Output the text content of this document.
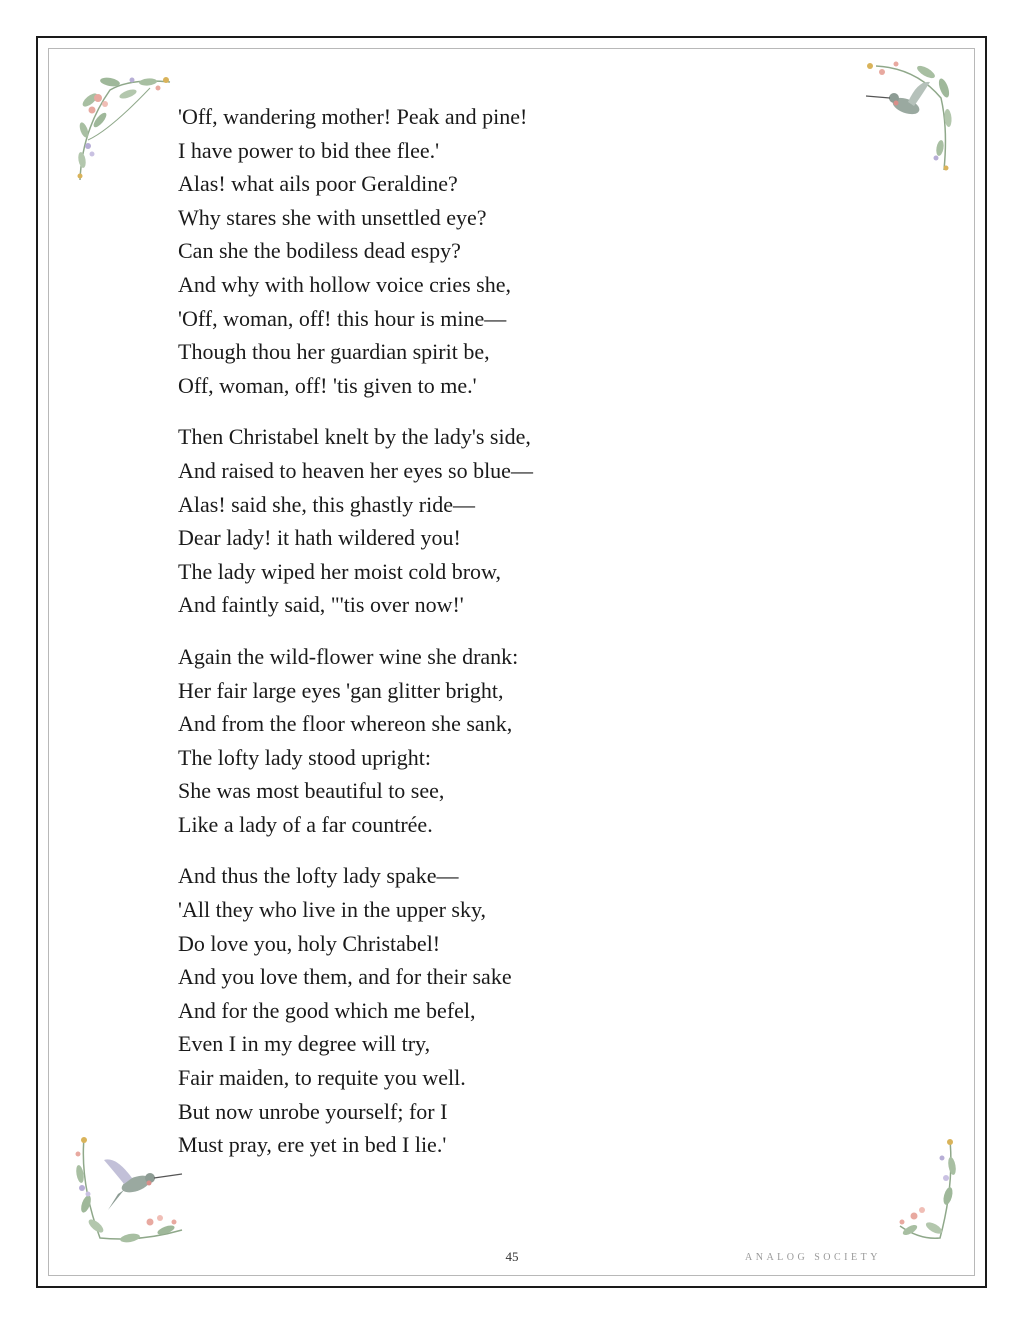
'Off, wandering mother! Peak and pine!
I have power to bid thee flee.'
Alas! what ails poor Geraldine?
Why stares she with unsettled eye?
Can she the bodiless dead espy?
And why with hollow voice cries she,
'Off, woman, off! this hour is mine—
Though thou her guardian spirit be,
Off, woman, off! 'tis given to me.'
Then Christabel knelt by the lady's side,
And raised to heaven her eyes so blue—
Alas! said she, this ghastly ride—
Dear lady! it hath wildered you!
The lady wiped her moist cold brow,
And faintly said, "'tis over now!'
Again the wild-flower wine she drank:
Her fair large eyes 'gan glitter bright,
And from the floor whereon she sank,
The lofty lady stood upright:
She was most beautiful to see,
Like a lady of a far countrée.
And thus the lofty lady spake—
'All they who live in the upper sky,
Do love you, holy Christabel!
And you love them, and for their sake
And for the good which me befel,
Even I in my degree will try,
Fair maiden, to requite you well.
But now unrobe yourself; for I
Must pray, ere yet in bed I lie.'
45	ANALOG SOCIETY
